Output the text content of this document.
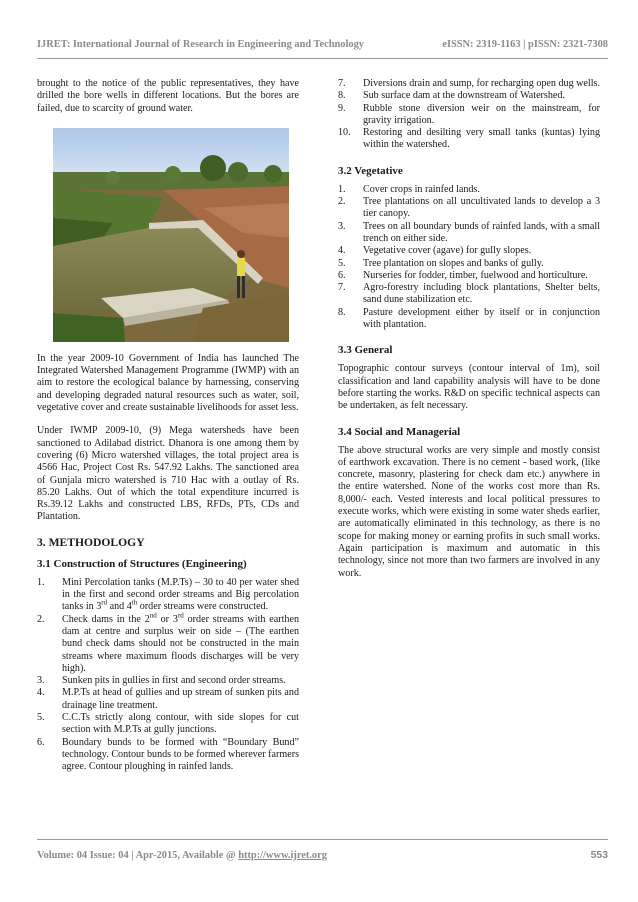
IJRET: International Journal of Research in Engineering and Technology	eISSN: 2319-1163 | pISSN: 2321-7308

brought to the notice of the public representatives, they have drilled the bore wells in different locations. But the bores are failed, due to scarcity of ground water.

In the year 2009-10 Government of India has launched The Integrated Watershed Management Programme (IWMP) with an aim to restore the ecological balance by harnessing, conserving and developing degraded natural resources such as water, soil, vegetative cover and create sustainable livelihoods for asset less.

Under IWMP 2009-10, (9) Mega watersheds have been sanctioned to Adilabad district. Dhanora is one among them by covering (6) Micro watershed villages, the total project area is 4566 Hac, Project Cost Rs. 547.92 Lakhs. The sanctioned area of Gunjala micro watershed is 710 Hac with a outlay of Rs. 85.20 Lakhs. Out of which the total expenditure incurred is Rs.39.12 Lakhs and constructed LBS, RFDs, PTs, CDs and Plantation.

3. METHODOLOGY
3.1 Construction of Structures (Engineering)
1. Mini Percolation tanks (M.P.Ts) – 30 to 40 per water shed in the first and second order streams and Big percolation tanks in 3rd and 4th order streams were constructed.
2. Check dams in the 2nd or 3rd order streams with earthen dam at centre and surplus weir on side – (The earthen bund check dams should not be constructed in the main streams where maximum floods discharges will be very high).
3. Sunken pits in gullies in first and second order streams.
4. M.P.Ts at head of gullies and up stream of sunken pits and drainage line treatment.
5. C.C.Ts strictly along contour, with side slopes for cut section with M.P.Ts at gully junctions.
6. Boundary bunds to be formed with “Boundary Bund” technology. Contour bunds to be formed wherever farmers agree. Contour ploughing in rainfed lands.
7. Diversions drain and sump, for recharging open dug wells.
8. Sub surface dam at the downstream of Watershed.
9. Rubble stone diversion weir on the mainstream, for gravity irrigation.
10. Restoring and desilting very small tanks (kuntas) lying within the watershed.
3.2 Vegetative
1. Cover crops in rainfed lands.
2. Tree plantations on all uncultivated lands to develop a 3 tier canopy.
3. Trees on all boundary bunds of rainfed lands, with a small trench on either side.
4. Vegetative cover (agave) for gully slopes.
5. Tree plantation on slopes and banks of gully.
6. Nurseries for fodder, timber, fuelwood and horticulture.
7. Agro-forestry including block plantations, Shelter belts, sand dune stabilization etc.
8. Pasture development either by itself or in conjunction with plantation.
3.3 General

Topographic contour surveys (contour interval of 1m), soil classification and land capability analysis will have to be done before starting the works. R&D on specific technical aspects can be undertaken, as felt necessary.

3.4 Social and Managerial

The above structural works are very simple and mostly consist of earthwork excavation. There is no cement - based work, (like concrete, masonry, plastering for check dam etc.) anywhere in the entire watershed. None of the works cost more than Rs. 8,000/- each. Vested interests and local political pressures to execute works, which were existing in some water sheds earlier, are automatically eliminated in this technology, as there is no scope for making money or earning profits in such small works. Again participation is maximum and automatic in this technology, since not more than two farmers are involved in any work.

Volume: 04 Issue: 04 | Apr-2015, Available @ http://www.ijret.org	553
